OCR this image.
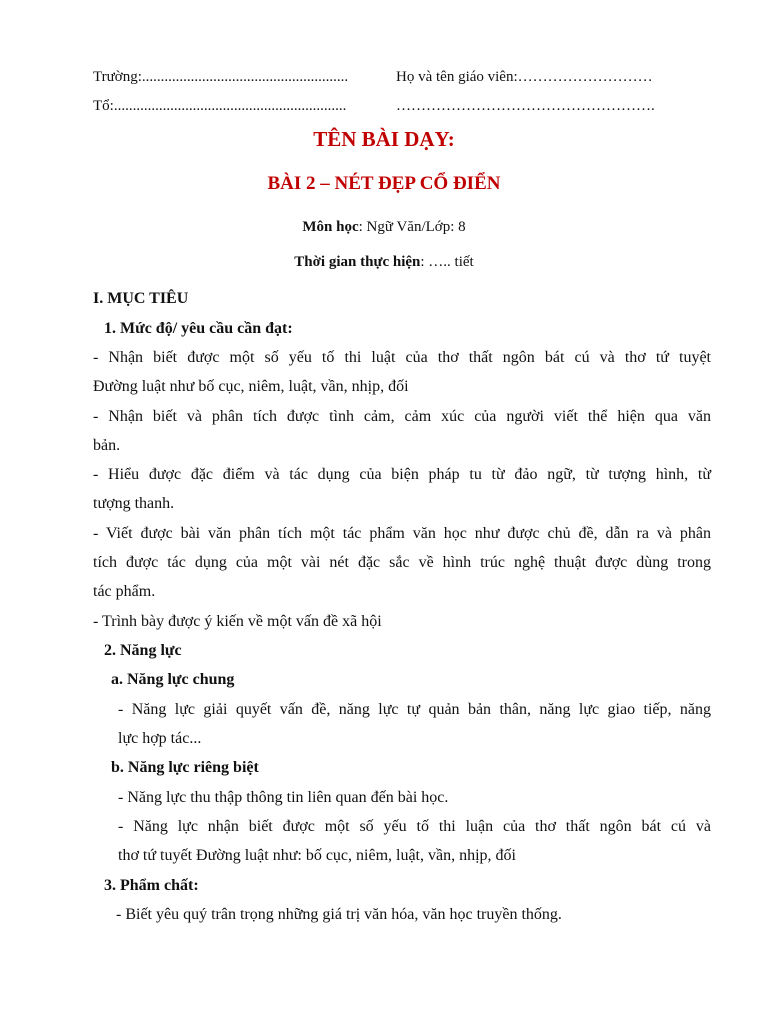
Trường:.......................................................	Họ và tên giáo viên:………………………
Tổ:..............................................................	…………………………………………….
TÊN BÀI DẠY:
BÀI 2 – NÉT ĐẸP CỔ ĐIỂN
Môn học: Ngữ Văn/Lớp: 8
Thời gian thực hiện: ….. tiết
I. MỤC TIÊU
1. Mức độ/ yêu cầu cần đạt:
- Nhận biết được một số yếu tố thi luật của thơ thất ngôn bát cú và thơ tứ tuyệt
Đường luật như bố cục, niêm, luật, vần, nhịp, đối
- Nhận biết và phân tích được tình cảm, cảm xúc của người viết thể hiện qua văn
bản.
- Hiểu được đặc điểm và tác dụng của biện pháp tu từ đảo ngữ, từ tượng hình, từ
tượng thanh.
- Viết được bài văn phân tích một tác phẩm văn học như được chủ đề, dẫn ra và phân
tích được tác dụng của một vài nét đặc sắc về hình trúc nghệ thuật được dùng trong
tác phẩm.
- Trình bày được ý kiến về một vấn đề xã hội
2. Năng lực
a. Năng lực chung
- Năng lực giải quyết vấn đề, năng lực tự quản bản thân, năng lực giao tiếp, năng
lực hợp tác...
b. Năng lực riêng biệt
- Năng lực thu thập thông tin liên quan đến bài học.
- Năng lực nhận biết được một số yếu tố thi luận của thơ thất ngôn bát cú và
thơ tứ tuyết Đường luật như: bố cục, niêm, luật, vần, nhịp, đối
3. Phẩm chất:
- Biết yêu quý trân trọng những giá trị văn hóa, văn học truyền thống.
